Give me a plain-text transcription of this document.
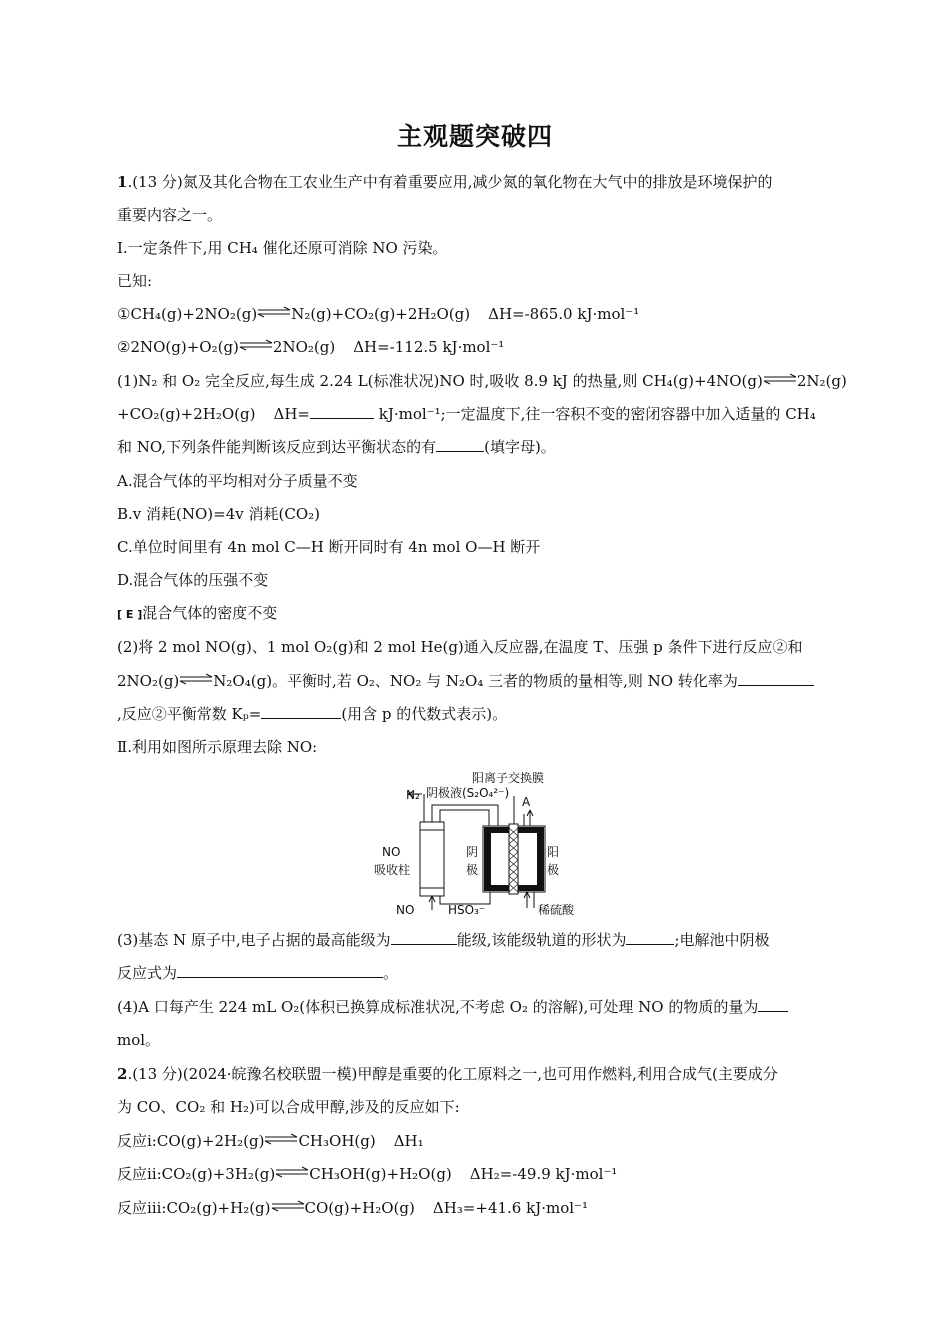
主观题突破四
1.(13 分)氮及其化合物在工农业生产中有着重要应用,减少氮的氧化物在大气中的排放是环境保护的
重要内容之一。
Ⅰ.一定条件下,用 CH₄ 催化还原可消除 NO 污染。
已知:
①CH₄(g)+2NO₂(g)⇌N₂(g)+CO₂(g)+2H₂O(g) ΔH=-865.0 kJ·mol⁻¹
②2NO(g)+O₂(g)⇌2NO₂(g) ΔH=-112.5 kJ·mol⁻¹
(1)N₂ 和 O₂ 完全反应,每生成 2.24 L(标准状况)NO 时,吸收 8.9 kJ 的热量,则 CH₄(g)+4NO(g)⇌2N₂(g)
+CO₂(g)+2H₂O(g) ΔH=	kJ·mol⁻¹;一定温度下,往一容积不变的密闭容器中加入适量的 CH₄
和 NO,下列条件能判断该反应到达平衡状态的有	(填字母)。
A.混合气体的平均相对分子质量不变
B.v 消耗(NO)=4v 消耗(CO₂)
C.单位时间里有 4n mol C—H 断开同时有 4n mol O—H 断开
D.混合气体的压强不变
[ E ]混合气体的密度不变
(2)将 2 mol NO(g)、1 mol O₂(g)和 2 mol He(g)通入反应器,在温度 T、压强 p 条件下进行反应②和
2NO₂(g)⇌N₂O₄(g)。平衡时,若 O₂、NO₂ 与 N₂O₄ 三者的物质的量相等,则 NO 转化率为
,反应②平衡常数 Kₚ=	(用含 p 的代数式表示)。
Ⅱ.利用如图所示原理去除 NO:
阳离子交换膜
N₂ 阴极液(S₂O₄²⁻)
A
NO
吸收柱
阴
极
阳
极
NO	HSO₃⁻	稀硫酸
(3)基态 N 原子中,电子占据的最高能级为	能级,该能级轨道的形状为	;电解池中阴极
反应式为	。
(4)A 口每产生 224 mL O₂(体积已换算成标准状况,不考虑 O₂ 的溶解),可处理 NO 的物质的量为
mol。
2.(13 分)(2024·皖豫名校联盟一模)甲醇是重要的化工原料之一,也可用作燃料,利用合成气(主要成分
为 CO、CO₂ 和 H₂)可以合成甲醇,涉及的反应如下:
反应ⅰ:CO(g)+2H₂(g)⇌CH₃OH(g) ΔH₁
反应ⅱ:CO₂(g)+3H₂(g)⇌CH₃OH(g)+H₂O(g) ΔH₂=-49.9 kJ·mol⁻¹
反应ⅲ:CO₂(g)+H₂(g)⇌CO(g)+H₂O(g) ΔH₃=+41.6 kJ·mol⁻¹
